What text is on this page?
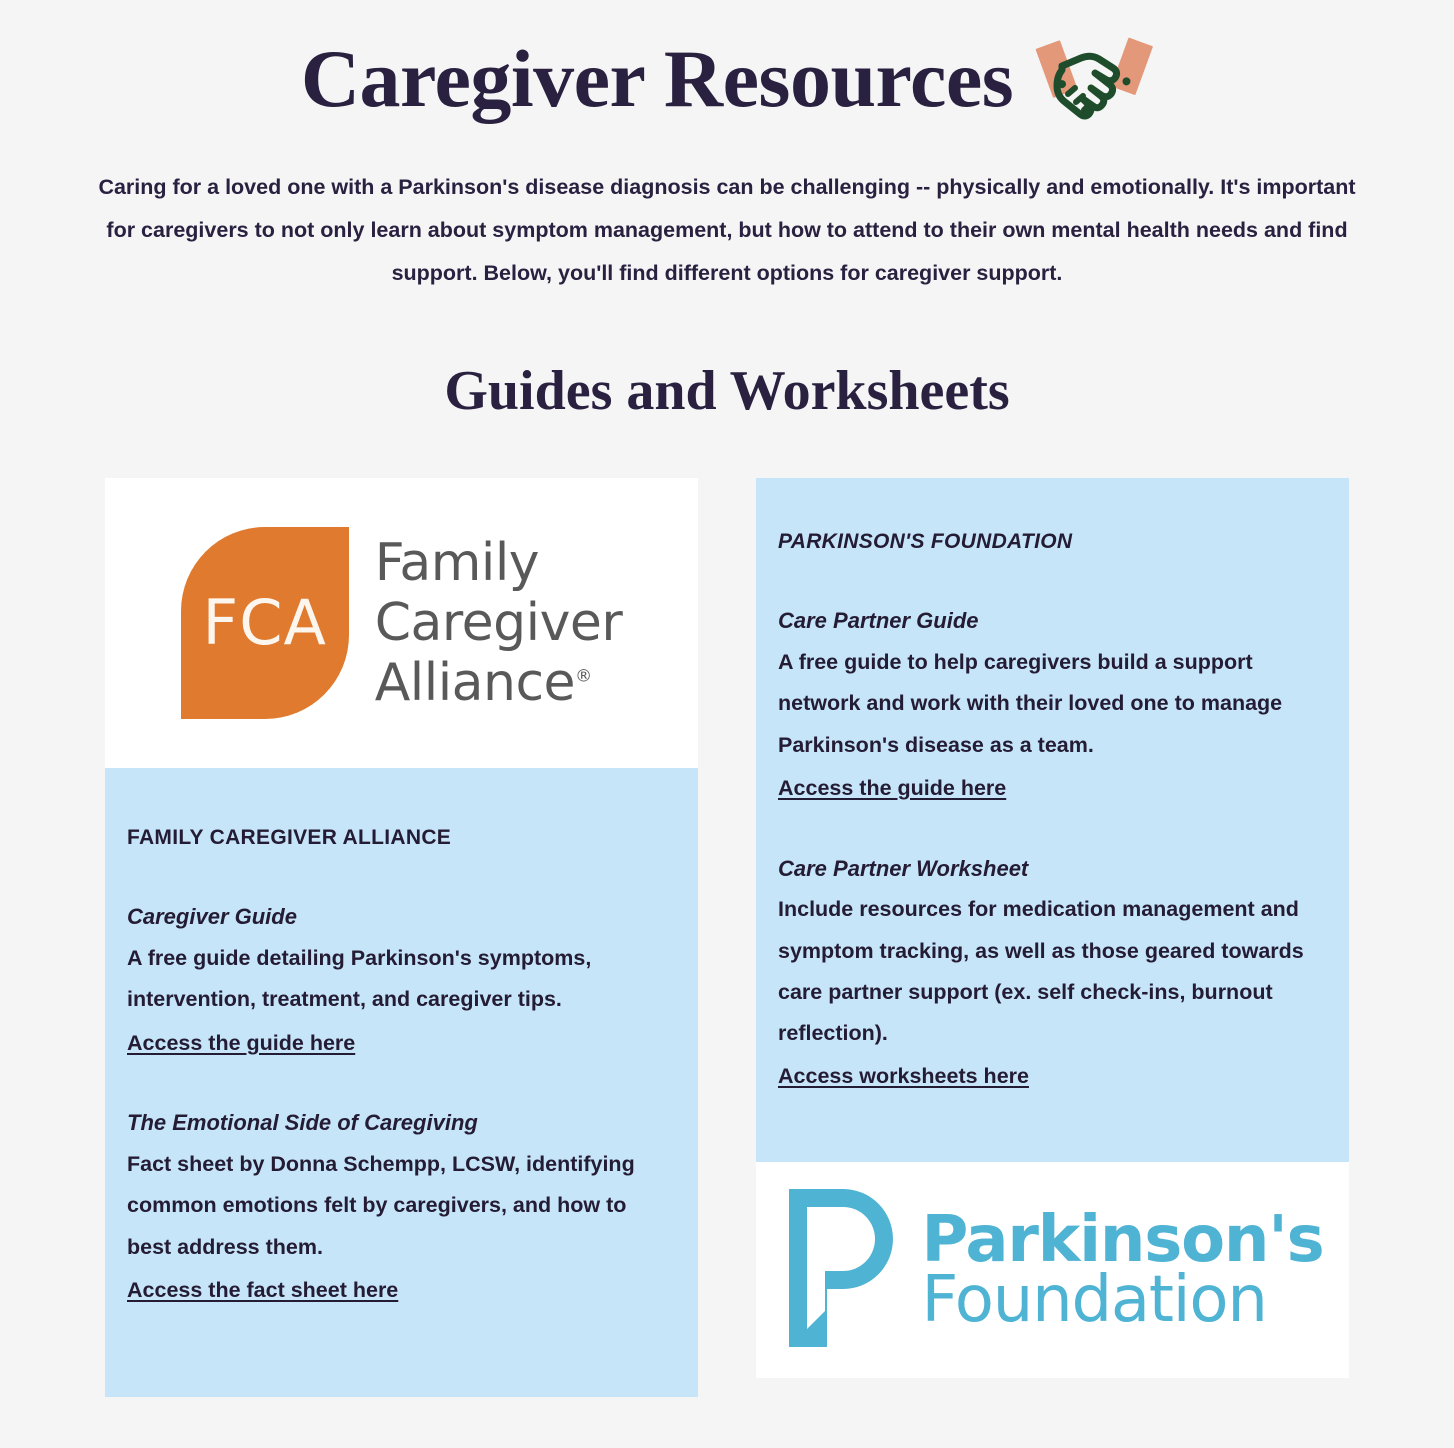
Caregiver Resources

Caring for a loved one with a Parkinson's disease diagnosis can be challenging -- physically and emotionally. It's important for caregivers to not only learn about symptom management, but how to attend to their own mental health needs and find support. Below, you'll find different options for caregiver support.

Guides and Worksheets
FCA
Family
Caregiver
Alliance®
FAMILY CAREGIVER ALLIANCE

Caregiver Guide

A free guide detailing Parkinson's symptoms, intervention, treatment, and caregiver tips.

Access the guide here

The Emotional Side of Caregiving

Fact sheet by Donna Schempp, LCSW, identifying common emotions felt by caregivers, and how to best address them.

Access the fact sheet here
PARKINSON'S FOUNDATION

Care Partner Guide

A free guide to help caregivers build a support network and work with their loved one to manage Parkinson's disease as a team.

Access the guide here

Care Partner Worksheet

Include resources for medication management and symptom tracking, as well as those geared towards care partner support (ex. self check-ins, burnout reflection).

Access worksheets here
Parkinson's
Foundation
